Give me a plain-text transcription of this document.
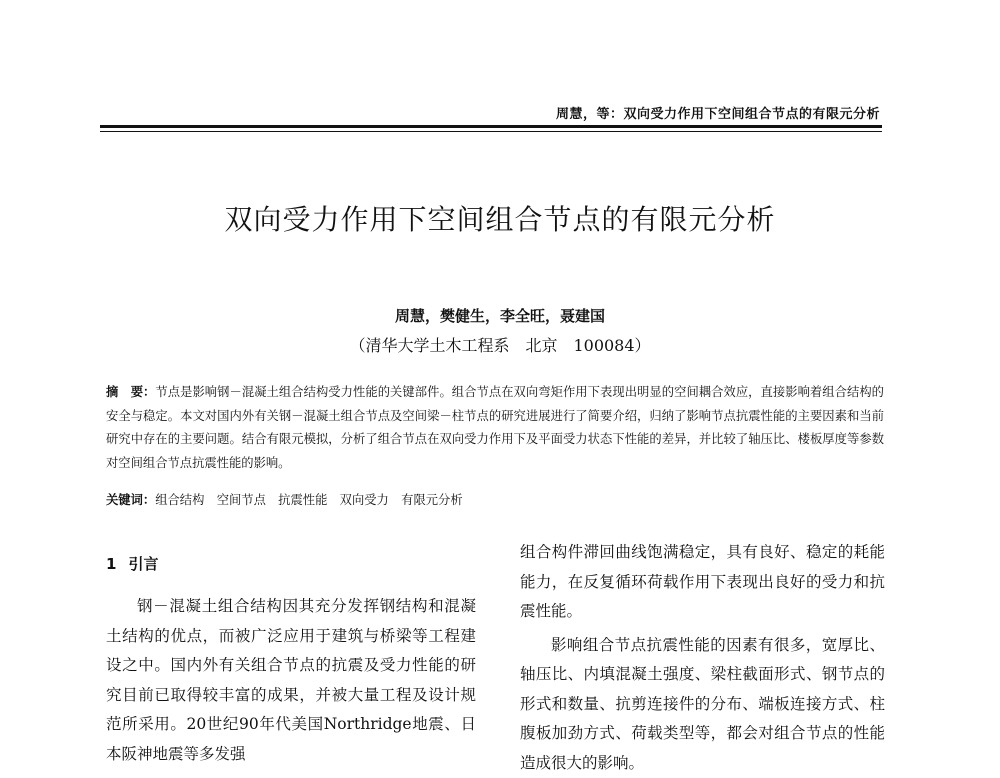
周慧，等：双向受力作用下空间组合节点的有限元分析
双向受力作用下空间组合节点的有限元分析
周慧，樊健生，李全旺，聂建国
（清华大学土木工程系　北京　100084）
摘　要：节点是影响钢－混凝土组合结构受力性能的关键部件。组合节点在双向弯矩作用下表现出明显的空间耦合效应，直接影响着组合结构的安全与稳定。本文对国内外有关钢－混凝土组合节点及空间梁－柱节点的研究进展进行了简要介绍，归纳了影响节点抗震性能的主要因素和当前研究中存在的主要问题。结合有限元模拟，分析了组合节点在双向受力作用下及平面受力状态下性能的差异，并比较了轴压比、楼板厚度等参数对空间组合节点抗震性能的影响。
关键词：组合结构　空间节点　抗震性能　双向受力　有限元分析
1 引言

钢－混凝土组合结构因其充分发挥钢结构和混凝土结构的优点，而被广泛应用于建筑与桥梁等工程建设之中。国内外有关组合节点的抗震及受力性能的研究目前已取得较丰富的成果，并被大量工程及设计规范所采用。20世纪90年代美国Northridge地震、日本阪神地震等多发强

组合构件滞回曲线饱满稳定，具有良好、稳定的耗能能力，在反复循环荷载作用下表现出良好的受力和抗震性能。

影响组合节点抗震性能的因素有很多，宽厚比、轴压比、内填混凝土强度、梁柱截面形式、钢节点的形式和数量、抗剪连接件的分布、端板连接方式、柱腹板加劲方式、荷载类型等，都会对组合节点的性能造成很大的影响。
